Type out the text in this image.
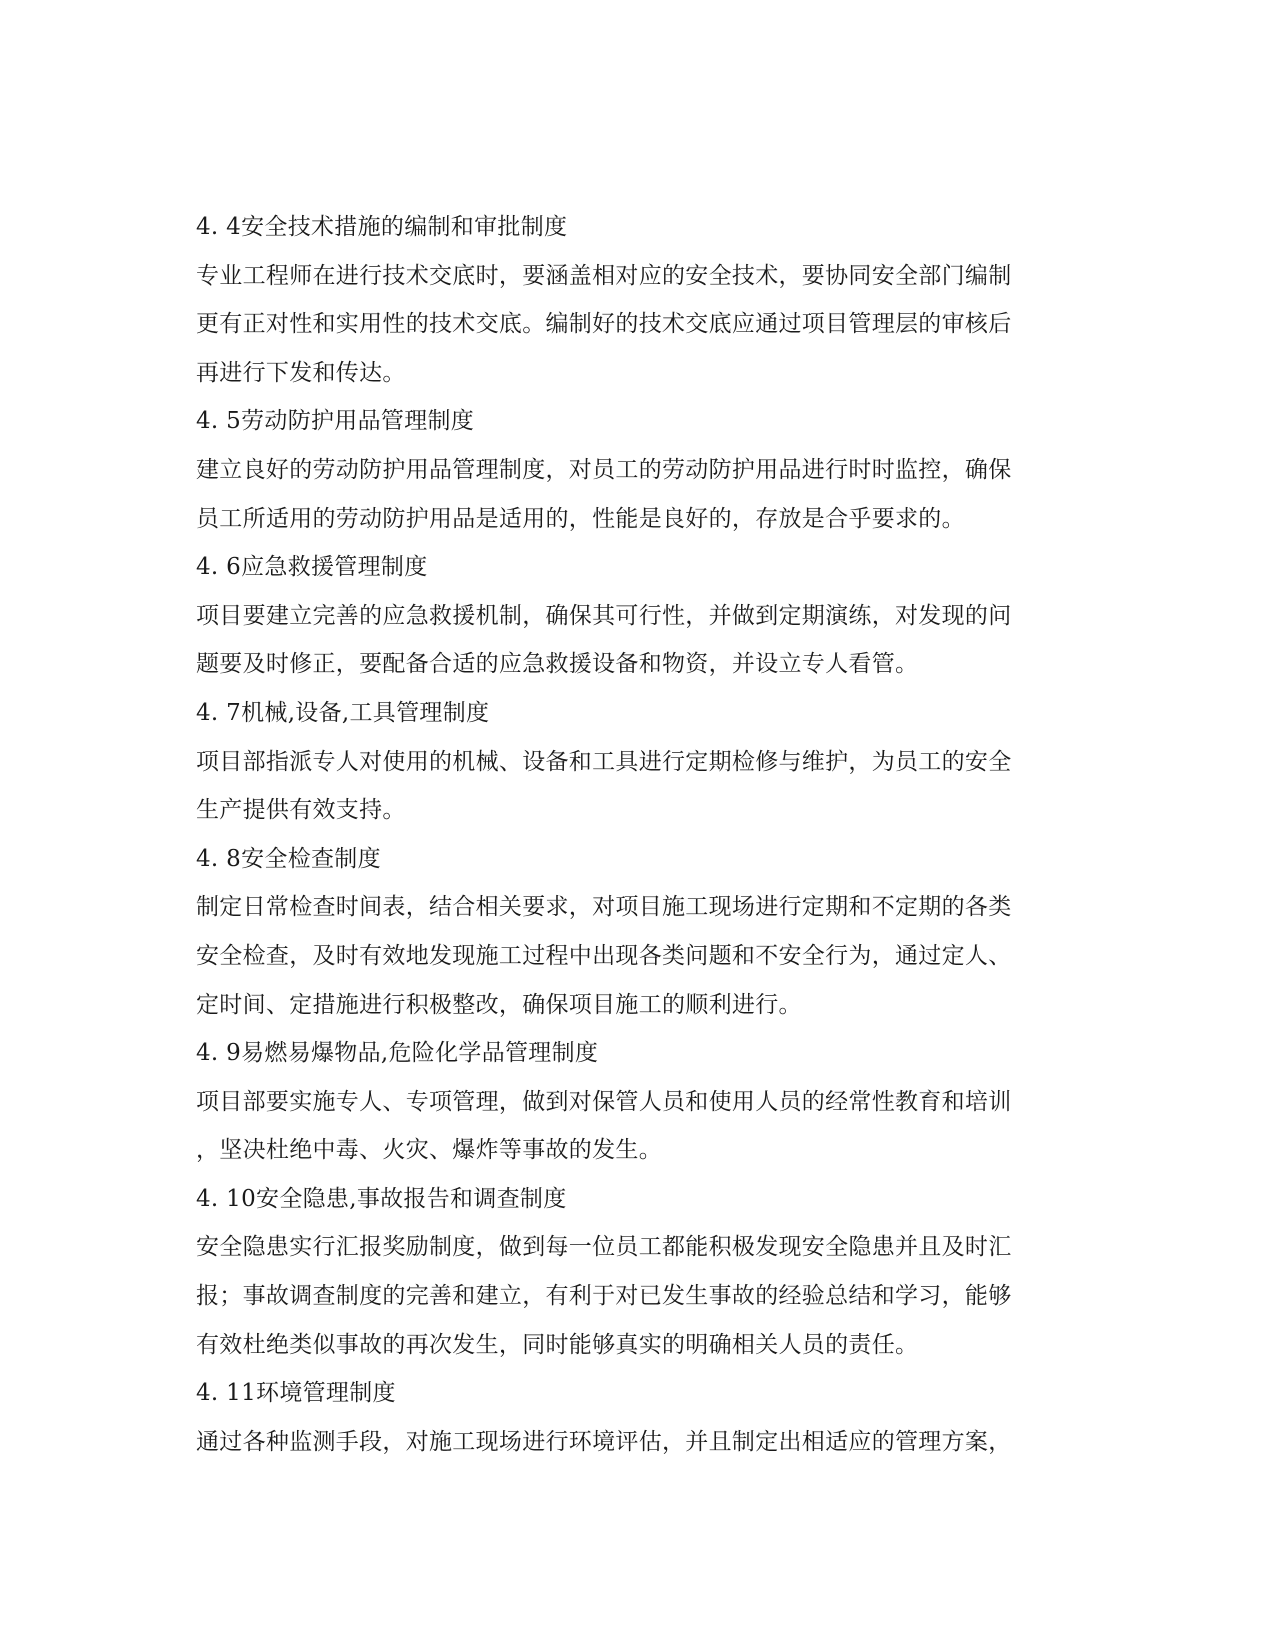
4. 4安全技术措施的编制和审批制度
专业工程师在进行技术交底时，要涵盖相对应的安全技术，要协同安全部门编制
更有正对性和实用性的技术交底。编制好的技术交底应通过项目管理层的审核后
再进行下发和传达。
4. 5劳动防护用品管理制度
建立良好的劳动防护用品管理制度，对员工的劳动防护用品进行时时监控，确保
员工所适用的劳动防护用品是适用的，性能是良好的，存放是合乎要求的。
4. 6应急救援管理制度
项目要建立完善的应急救援机制，确保其可行性，并做到定期演练，对发现的问
题要及时修正，要配备合适的应急救援设备和物资，并设立专人看管。
4. 7机械,设备,工具管理制度
项目部指派专人对使用的机械、设备和工具进行定期检修与维护，为员工的安全
生产提供有效支持。
4. 8安全检查制度
制定日常检查时间表，结合相关要求，对项目施工现场进行定期和不定期的各类
安全检查，及时有效地发现施工过程中出现各类问题和不安全行为，通过定人、
定时间、定措施进行积极整改，确保项目施工的顺利进行。
4. 9易燃易爆物品,危险化学品管理制度
项目部要实施专人、专项管理，做到对保管人员和使用人员的经常性教育和培训
，坚决杜绝中毒、火灾、爆炸等事故的发生。
4. 10安全隐患,事故报告和调查制度
安全隐患实行汇报奖励制度，做到每一位员工都能积极发现安全隐患并且及时汇
报；事故调查制度的完善和建立，有利于对已发生事故的经验总结和学习，能够
有效杜绝类似事故的再次发生，同时能够真实的明确相关人员的责任。
4. 11环境管理制度
通过各种监测手段，对施工现场进行环境评估，并且制定出相适应的管理方案，
